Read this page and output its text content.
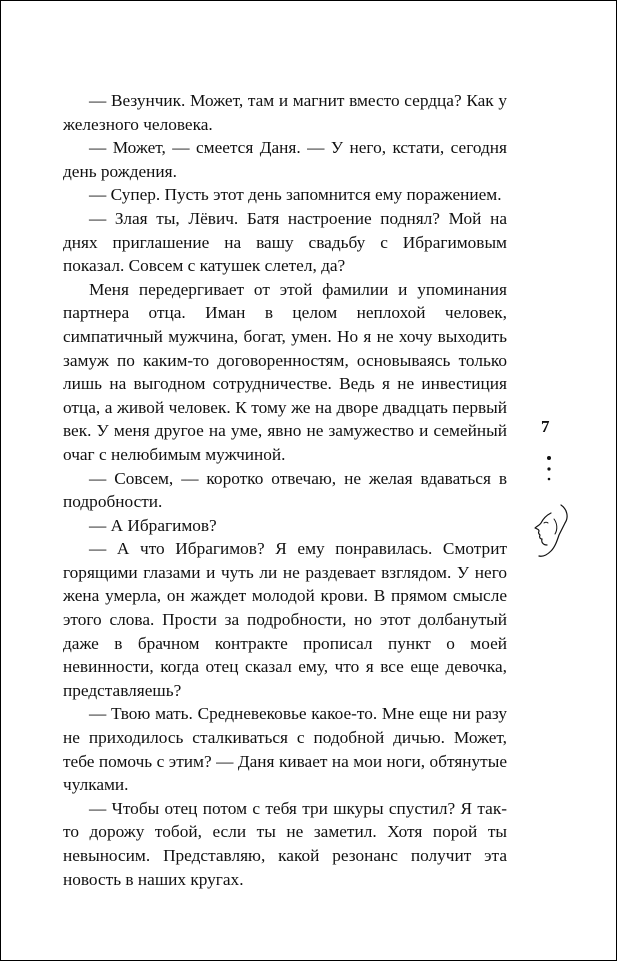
— Везунчик. Может, там и магнит вместо сердца? Как у железного человека.

— Может, — смеется Даня. — У него, кстати, сегодня день рождения.

— Супер. Пусть этот день запомнится ему поражением.

— Злая ты, Лёвич. Батя настроение поднял? Мой на днях приглашение на вашу свадьбу с Ибрагимовым показал. Совсем с катушек слетел, да?

Меня передергивает от этой фамилии и упоминания партнера отца. Иман в целом неплохой человек, симпатичный мужчина, богат, умен. Но я не хочу выходить замуж по каким-то договоренностям, основываясь только лишь на выгодном сотрудничестве. Ведь я не инвестиция отца, а живой человек. К тому же на дворе двадцать первый век. У меня другое на уме, явно не замужество и семейный очаг с нелюбимым мужчиной.

— Совсем, — коротко отвечаю, не желая вдаваться в подробности.

— А Ибрагимов?

— А что Ибрагимов? Я ему понравилась. Смотрит горящими глазами и чуть ли не раздевает взглядом. У него жена умерла, он жаждет молодой крови. В прямом смысле этого слова. Прости за подробности, но этот долбанутый даже в брачном контракте прописал пункт о моей невинности, когда отец сказал ему, что я все еще девочка, представляешь?

— Твою мать. Средневековье какое-то. Мне еще ни разу не приходилось сталкиваться с подобной дичью. Может, тебе помочь с этим? — Даня кивает на мои ноги, обтянутые чулками.

— Чтобы отец потом с тебя три шкуры спустил? Я так-то дорожу тобой, если ты не заметил. Хотя порой ты невыносим. Представляю, какой резонанс получит эта новость в наших кругах.

7
